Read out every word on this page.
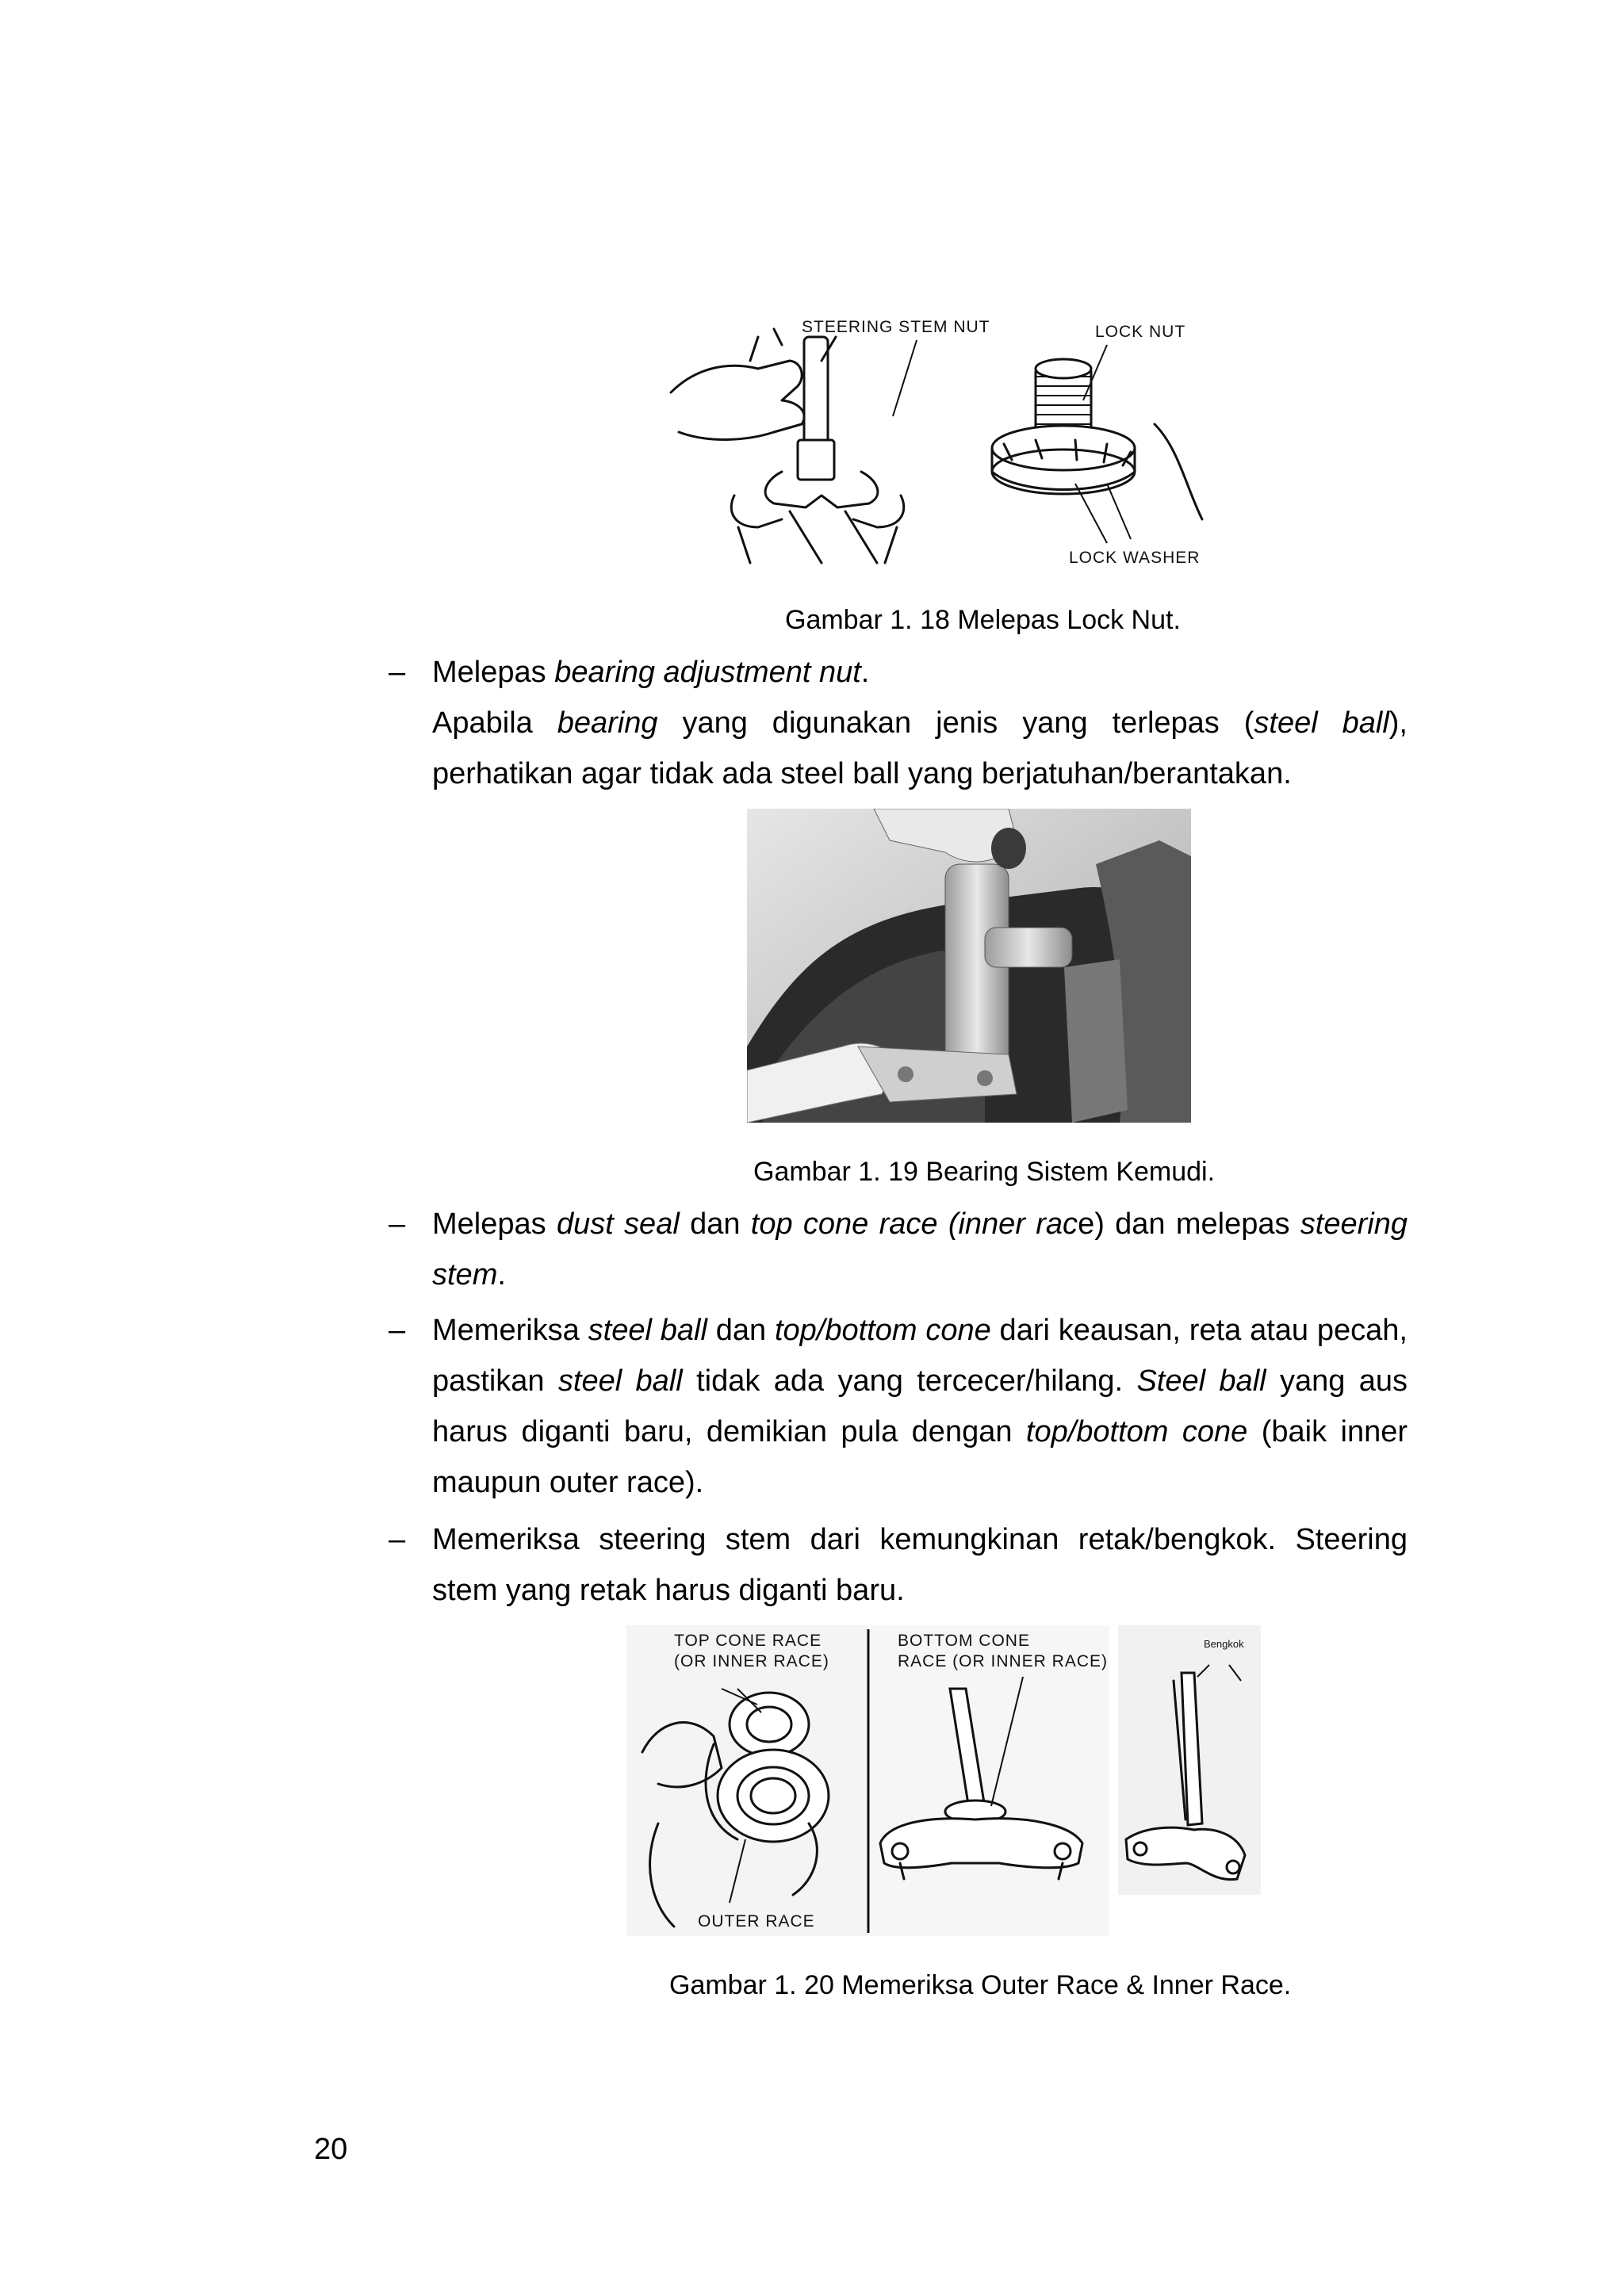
STEERING STEM NUT	LOCK NUT
LOCK WASHER
Gambar 1. 18 Melepas Lock Nut.
– Melepas bearing adjustment nut.
Apabila bearing yang digunakan jenis yang terlepas (steel ball), perhatikan agar tidak ada steel ball yang berjatuhan/berantakan.
Gambar 1. 19 Bearing Sistem Kemudi.
– Melepas dust seal dan top cone race (inner race) dan melepas steering stem.
– Memeriksa steel ball dan top/bottom cone dari keausan, reta atau pecah, pastikan steel ball tidak ada yang tercecer/hilang. Steel ball yang aus harus diganti baru, demikian pula dengan top/bottom cone (baik inner maupun outer race).
– Memeriksa steering stem dari kemungkinan retak/bengkok. Steering stem yang retak harus diganti baru.
TOP CONE RACE
(OR INNER RACE)
OUTER RACE
BOTTOM CONE
RACE (OR INNER RACE)
Bengkok
Gambar 1. 20 Memeriksa Outer Race & Inner Race.
20
